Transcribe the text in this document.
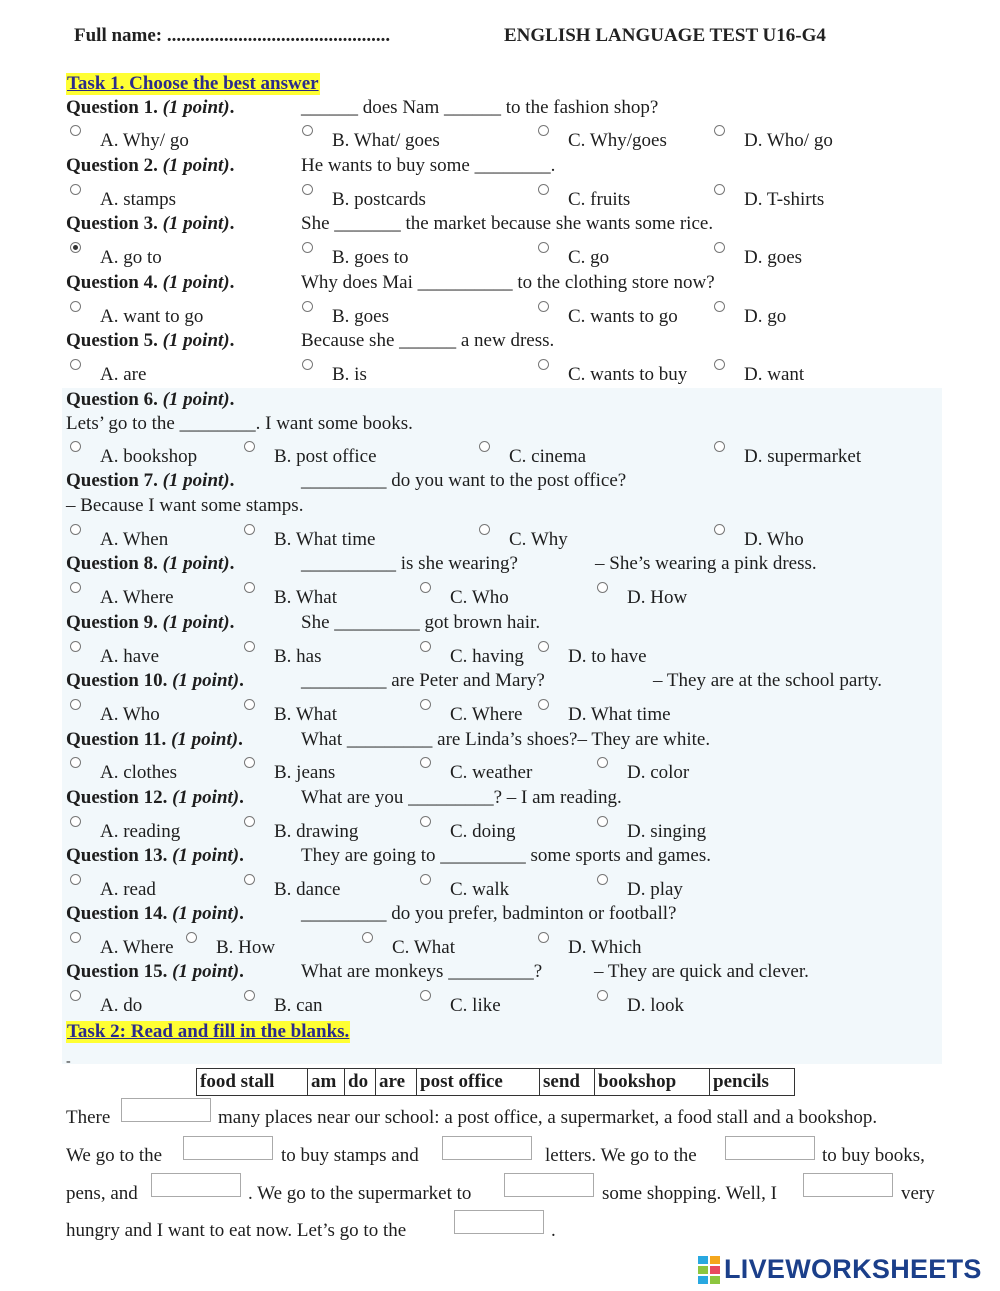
Full name: ...............................................	ENGLISH LANGUAGE TEST U16-G4
Task 1. Choose the best answer
Question 1. (1 point).	______ does Nam ______ to the fashion shop?
A. Why/ go	B. What/ goes	C. Why/goes	D. Who/ go
Question 2. (1 point).	He wants to buy some ________.
A. stamps	B. postcards	C. fruits	D. T-shirts
Question 3. (1 point).	She _______ the market because she wants some rice.
A. go to	B. goes to	C. go	D. goes
Question 4. (1 point).	Why does Mai __________ to the clothing store now?
A. want to go	B. goes	C. wants to go	D. go
Question 5. (1 point).	Because she ______ a new dress.
A. are	B. is	C. wants to buy	D. want
Question 6. (1 point).
Lets’ go to the ________. I want some books.
A. bookshop	B. post office	C. cinema	D. supermarket
Question 7. (1 point).	_________ do you want to the post office?
– Because I want some stamps.
A. When	B. What time	C. Why	D. Who
Question 8. (1 point).	__________ is she wearing?	– She’s wearing a pink dress.
A. Where	B. What	C. Who	D. How
Question 9. (1 point).	She _________ got brown hair.
A. have	B. has	C. having D. to have
Question 10. (1 point).	_________ are Peter and Mary?	– They are at the school party.
A. Who	B. What	C. Where D. What time
Question 11. (1 point).	What _________ are Linda’s shoes?– They are white.
A. clothes	B. jeans	C. weather	D. color
Question 12. (1 point).	What are you _________? – I am reading.
A. reading	B. drawing	C. doing	D. singing
Question 13. (1 point).	They are going to _________ some sports and games.
A. read	B. dance	C. walk	D. play
Question 14. (1 point).	_________ do you prefer, badminton or football?
A. Where B. How	C. What	D. Which
Question 15. (1 point).	What are monkeys _________?	– They are quick and clever.
A. do	B. can	C. like	D. look
Task 2: Read and fill in the blanks.
-
food stall	am	do	are	post office	send	bookshop	pencils
There	many places near our school: a post office, a supermarket, a food stall and a bookshop.
We go to the	to buy stamps and	letters. We go to the	to buy books,
pens, and	. We go to the supermarket to	some shopping. Well, I	very
hungry and I want to eat now. Let’s go to the	.
LIVEWORKSHEETS
